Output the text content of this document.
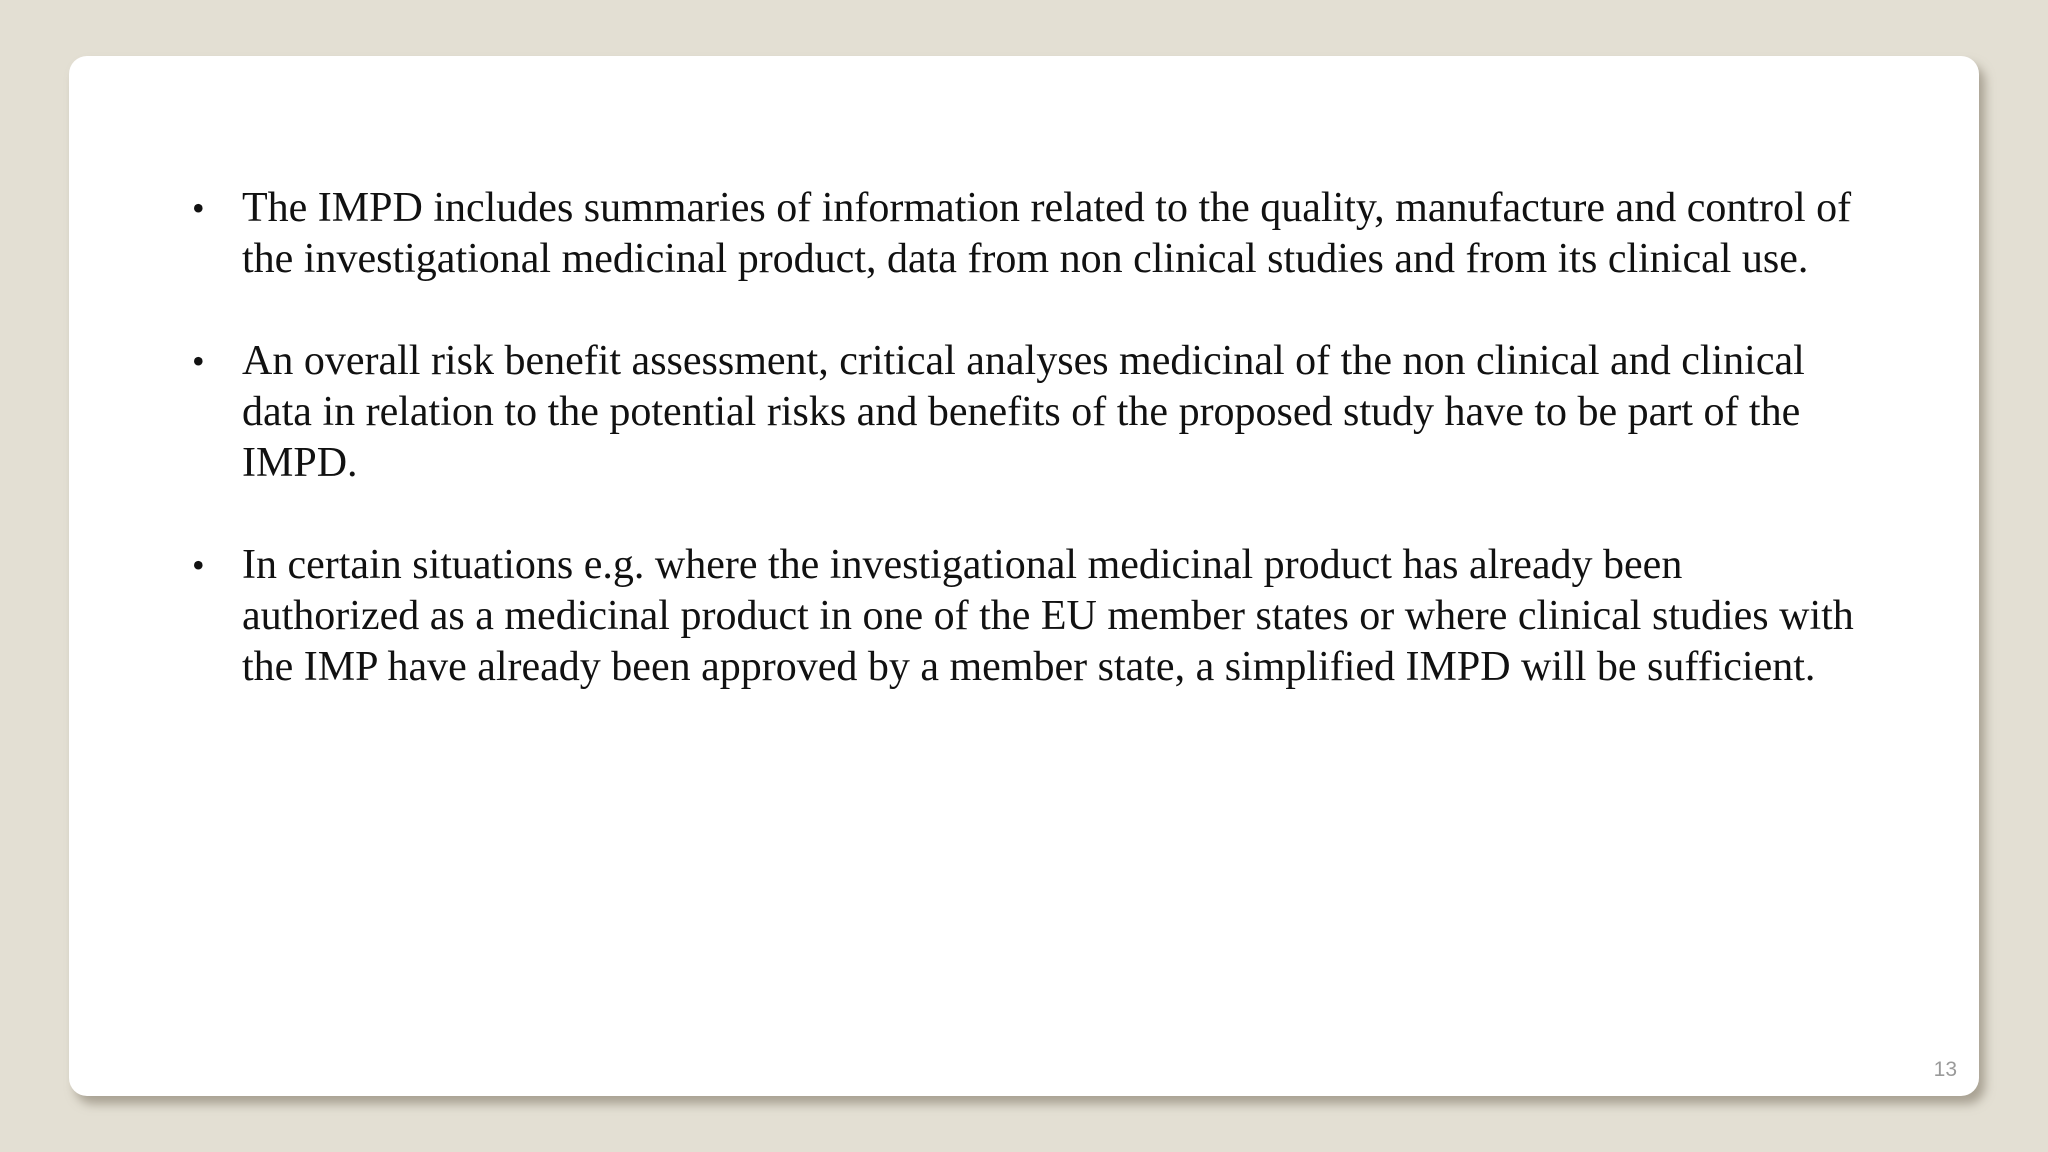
• The IMPD includes summaries of information related to the quality, manufacture and control of
the investigational medicinal product, data from non clinical studies and from its clinical use.
• An overall risk benefit assessment, critical analyses medicinal of the non clinical and clinical
data in relation to the potential risks and benefits of the proposed study have to be part of the
IMPD.
• In certain situations e.g. where the investigational medicinal product has already been
authorized as a medicinal product in one of the EU member states or where clinical studies with
the IMP have already been approved by a member state, a simplified IMPD will be sufficient.
13
